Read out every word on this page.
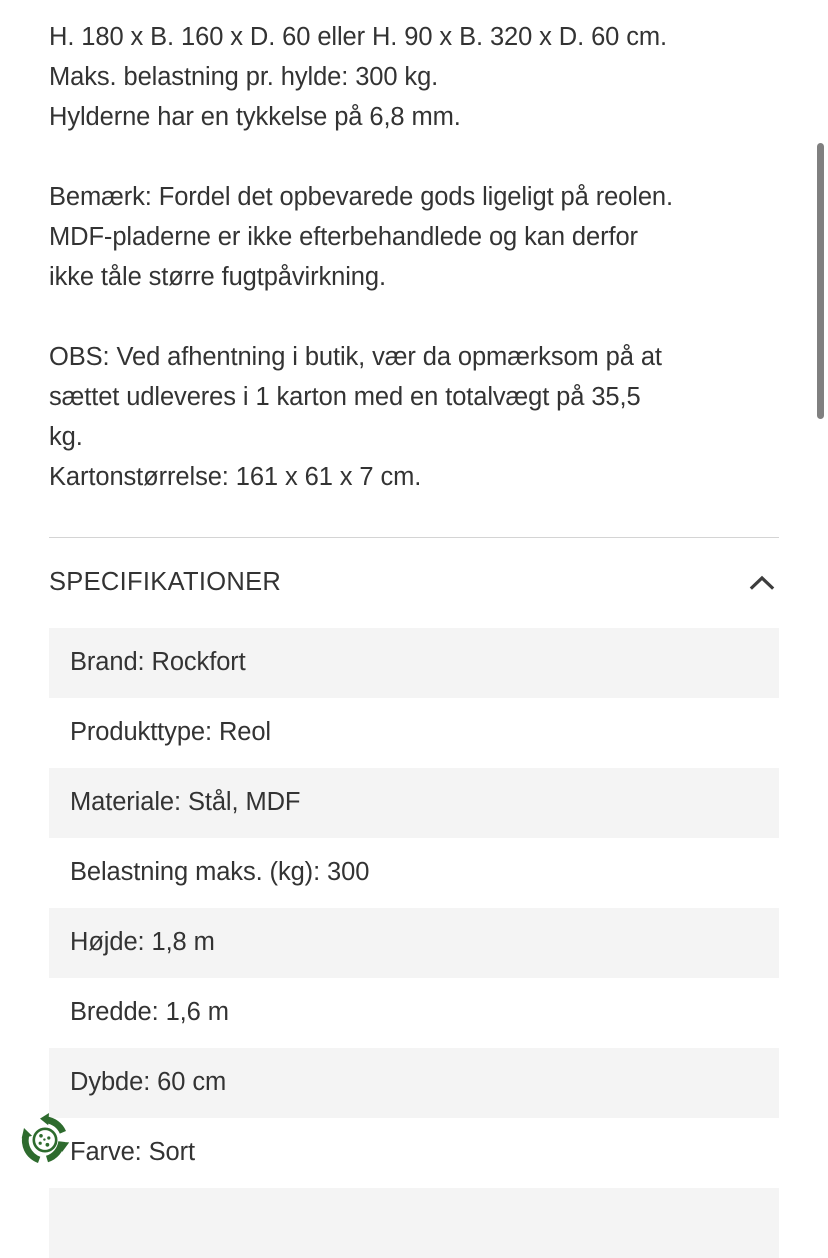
H. 180 x B. 160 x D. 60 eller H. 90 x B. 320 x D. 60 cm.
Maks. belastning pr. hylde: 300 kg.
Hylderne har en tykkelse på 6,8 mm.

Bemærk: Fordel det opbevarede gods ligeligt på reolen.
MDF-pladerne er ikke efterbehandlede og kan derfor
ikke tåle større fugtpåvirkning.

OBS: Ved afhentning i butik, vær da opmærksom på at
sættet udleveres i 1 karton med en totalvægt på 35,5
kg.
Kartonstørrelse: 161 x 61 x 7 cm.

SPECIFIKATIONER
Brand: Rockfort
Produkttype: Reol
Materiale: Stål, MDF
Belastning maks. (kg): 300
Højde: 1,8 m
Bredde: 1,6 m
Dybde: 60 cm
Farve: Sort
